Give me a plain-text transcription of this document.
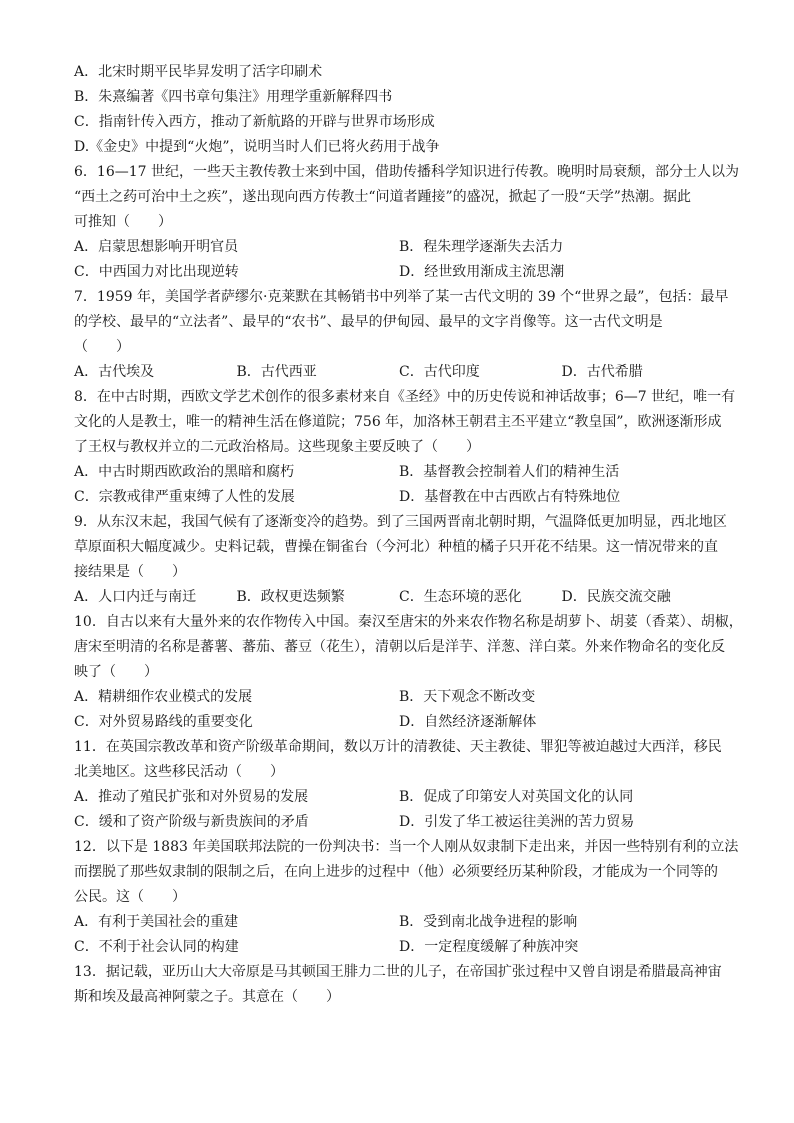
A．北宋时期平民毕昇发明了活字印刷术
B．朱熹编著《四书章句集注》用理学重新解释四书
C．指南针传入西方，推动了新航路的开辟与世界市场形成
D.《金史》中提到“火炮”，说明当时人们已将火药用于战争
6．16—17 世纪，一些天主教传教士来到中国，借助传播科学知识进行传教。晚明时局衰颓，部分士人以为
“西土之药可治中土之疾”，遂出现向西方传教士“问道者踵接”的盛况，掀起了一股“天学”热潮。据此
可推知（　　）
A．启蒙思想影响开明官员	B．程朱理学逐渐失去活力
C．中西国力对比出现逆转	D．经世致用渐成主流思潮
7．1959 年，美国学者萨缪尔·克莱默在其畅销书中列举了某一古代文明的 39 个“世界之最”，包括：最早
的学校、最早的“立法者”、最早的“农书”、最早的伊甸园、最早的文字肖像等。这一古代文明是
（　　）
A．古代埃及	B．古代西亚	C．古代印度	D．古代希腊
8．在中古时期，西欧文学艺术创作的很多素材来自《圣经》中的历史传说和神话故事；6—7 世纪，唯一有
文化的人是教士，唯一的精神生活在修道院；756 年，加洛林王朝君主丕平建立“教皇国”，欧洲逐渐形成
了王权与教权并立的二元政治格局。这些现象主要反映了（　　）
A．中古时期西欧政治的黑暗和腐朽	B．基督教会控制着人们的精神生活
C．宗教戒律严重束缚了人性的发展	D．基督教在中古西欧占有特殊地位
9．从东汉末起，我国气候有了逐渐变冷的趋势。到了三国两晋南北朝时期，气温降低更加明显，西北地区
草原面积大幅度减少。史料记载，曹操在铜雀台（今河北）种植的橘子只开花不结果。这一情况带来的直
接结果是（　　）
A．人口内迁与南迁	B．政权更迭频繁	C．生态环境的恶化	D．民族交流交融
10．自古以来有大量外来的农作物传入中国。秦汉至唐宋的外来农作物名称是胡萝卜、胡荽（香菜）、胡椒，
唐宋至明清的名称是蕃薯、蕃茄、蕃豆（花生），清朝以后是洋芋、洋葱、洋白菜。外来作物命名的变化反
映了（　　）
A．精耕细作农业模式的发展	B．天下观念不断改变
C．对外贸易路线的重要变化	D．自然经济逐渐解体
11．在英国宗教改革和资产阶级革命期间，数以万计的清教徒、天主教徒、罪犯等被迫越过大西洋，移民
北美地区。这些移民活动（　　）
A．推动了殖民扩张和对外贸易的发展	B．促成了印第安人对英国文化的认同
C．缓和了资产阶级与新贵族间的矛盾	D．引发了华工被运往美洲的苦力贸易
12．以下是 1883 年美国联邦法院的一份判决书：当一个人刚从奴隶制下走出来，并因一些特别有利的立法
而摆脱了那些奴隶制的限制之后，在向上进步的过程中（他）必须要经历某种阶段，才能成为一个同等的
公民。这（　　）
A．有利于美国社会的重建	B．受到南北战争进程的影响
C．不利于社会认同的构建	D．一定程度缓解了种族冲突
13．据记载，亚历山大大帝原是马其顿国王腓力二世的儿子，在帝国扩张过程中又曾自诩是希腊最高神宙
斯和埃及最高神阿蒙之子。其意在（　　）
